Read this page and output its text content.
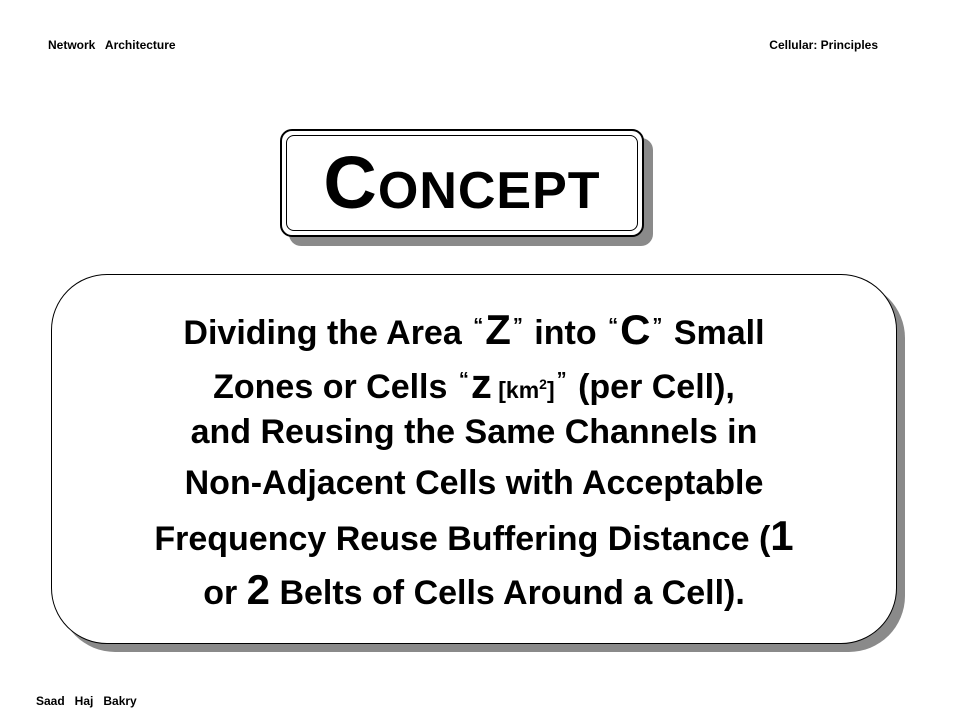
Network   Architecture	Cellular: Principles
CONCEPT
Dividing the Area “Z ” into “C ” Small
Zones or Cells “z $[km^2]$ ” (per Cell),
and Reusing the Same Channels in
Non-Adjacent Cells with Acceptable
Frequency Reuse Buffering Distance (1
or 2 Belts of Cells Around a Cell).
Saad   Haj   Bakry
